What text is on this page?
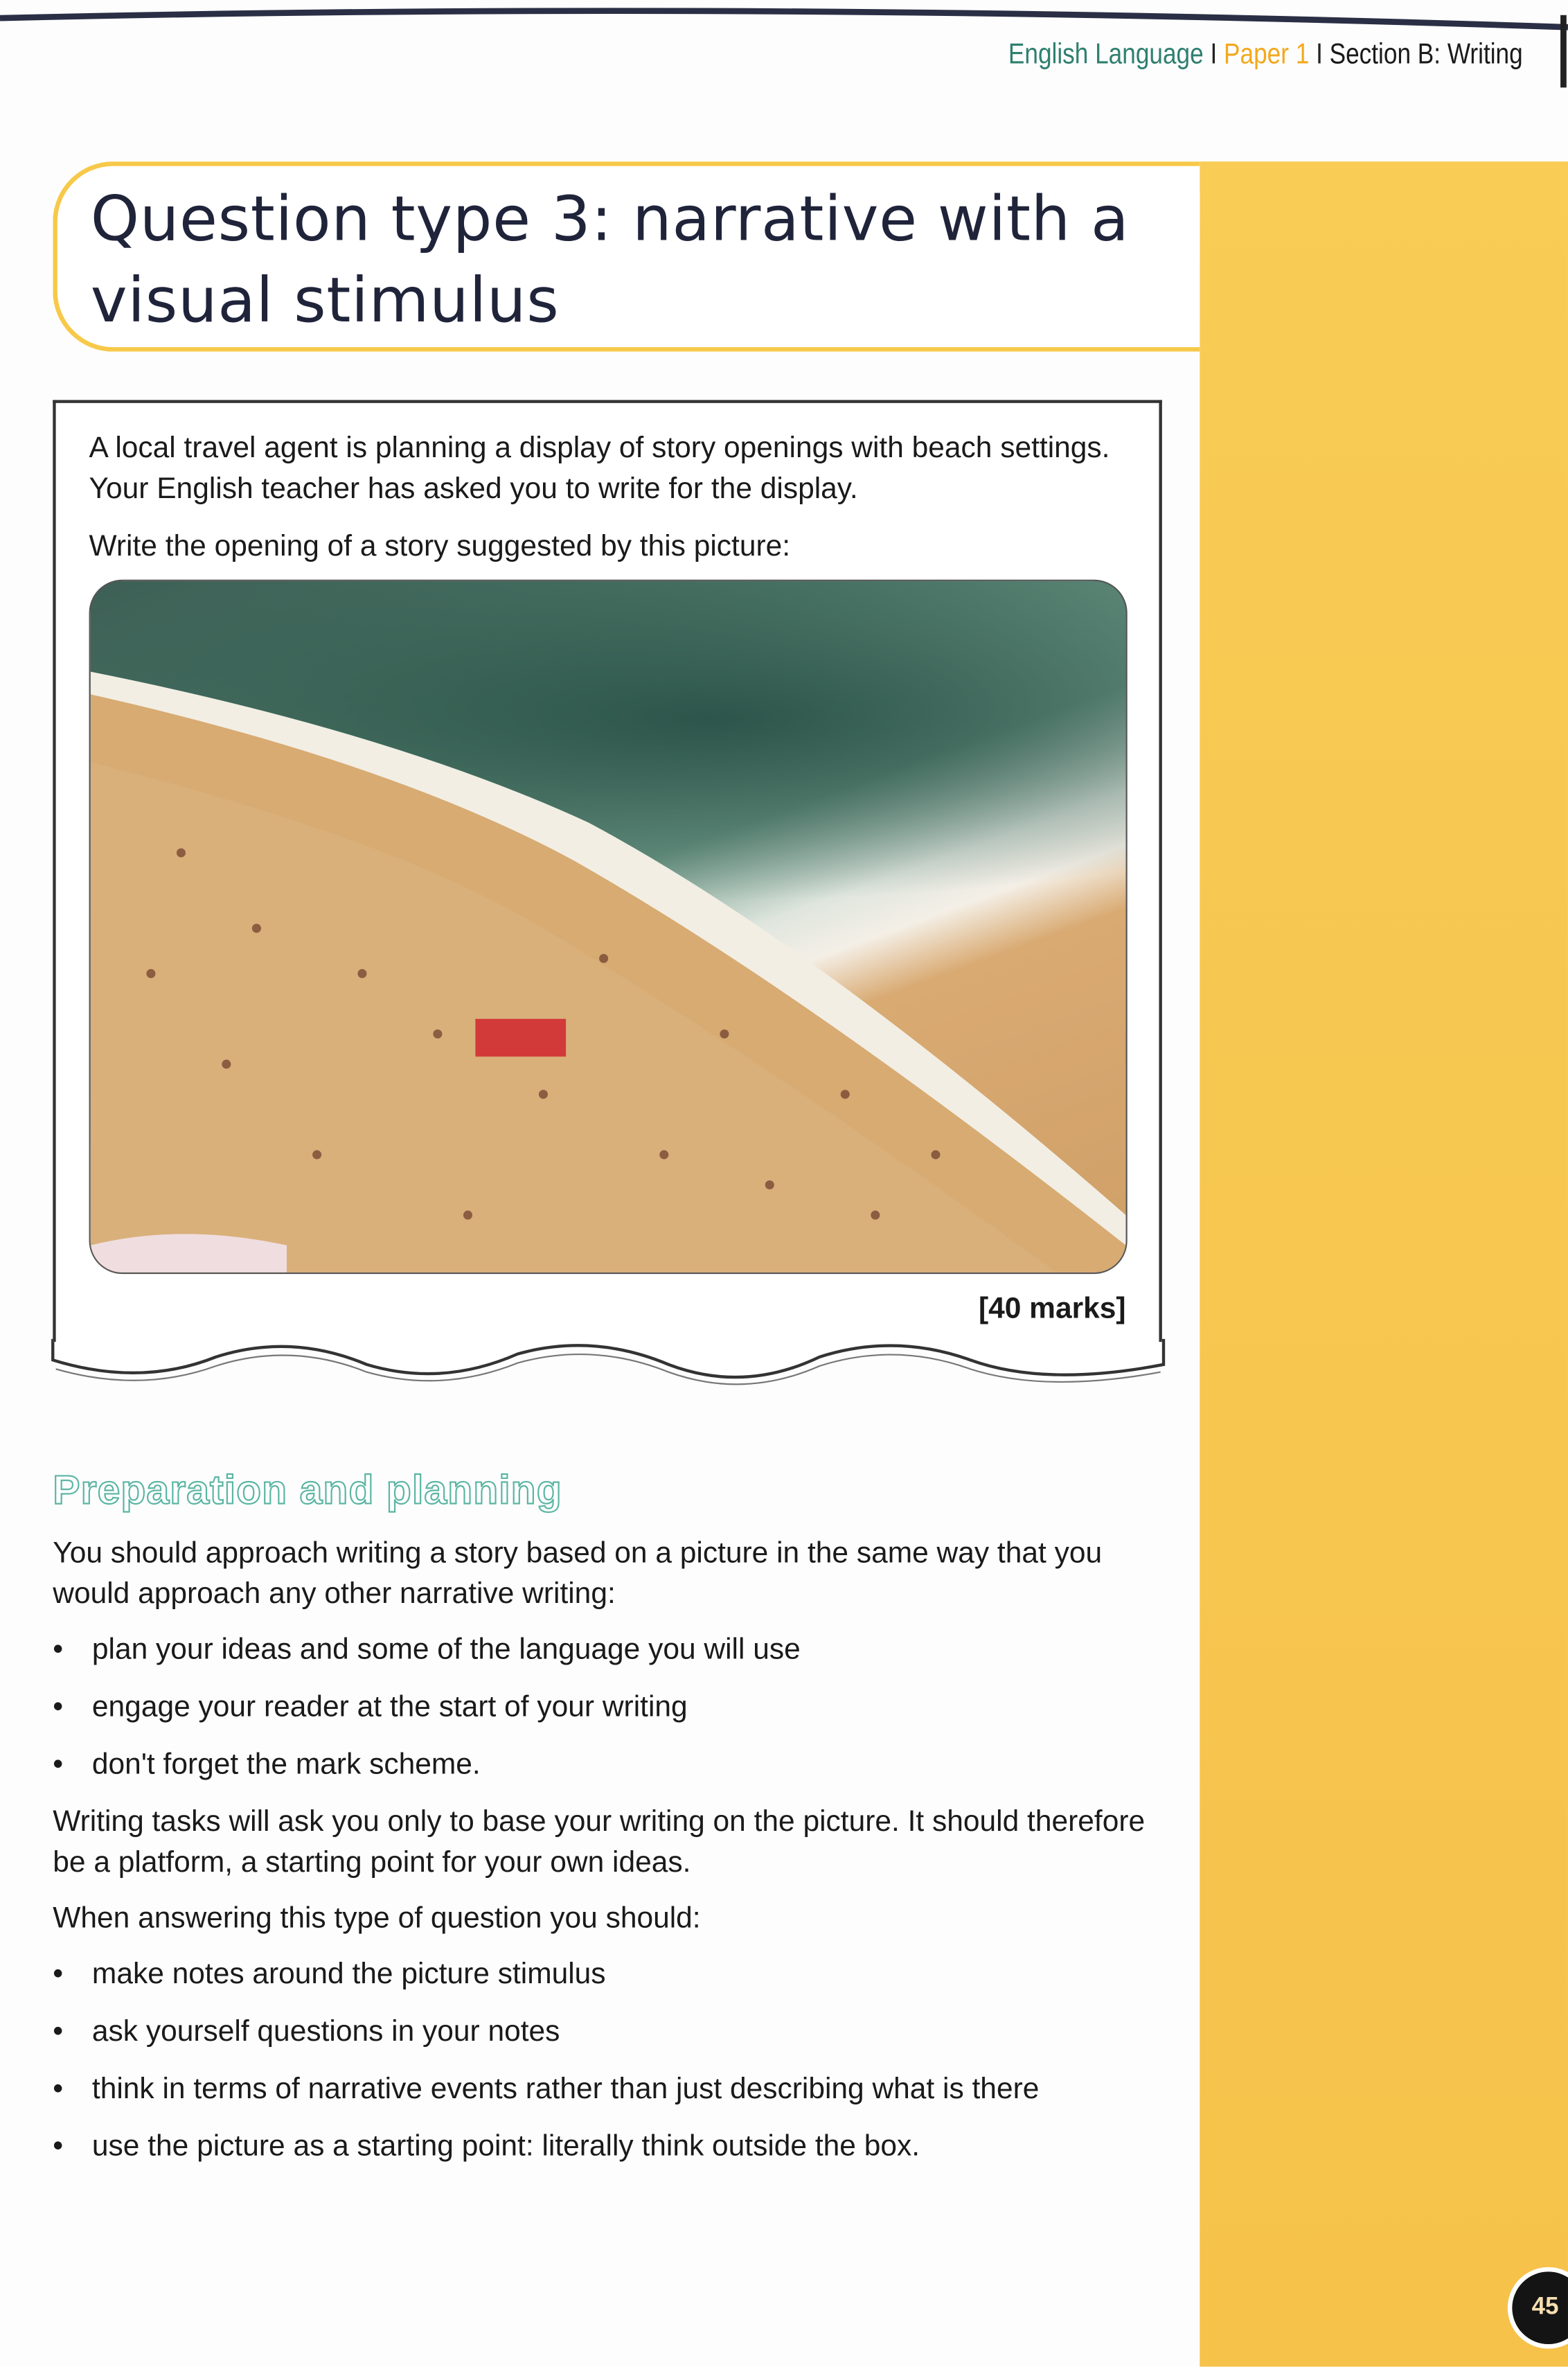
English Language I Paper 1 I Section B: Writing
Question type 3: narrative with a visual stimulus
A local travel agent is planning a display of story openings with beach settings. Your English teacher has asked you to write for the display.
Write the opening of a story suggested by this picture:
[40 marks]
Preparation and planning

You should approach writing a story based on a picture in the same way that you would approach any other narrative writing:

• plan your ideas and some of the language you will use
• engage your reader at the start of your writing
• don't forget the mark scheme.

Writing tasks will ask you only to base your writing on the picture. It should therefore be a platform, a starting point for your own ideas.

When answering this type of question you should:

• make notes around the picture stimulus
• ask yourself questions in your notes
• think in terms of narrative events rather than just describing what is there
• use the picture as a starting point: literally think outside the box.
45
